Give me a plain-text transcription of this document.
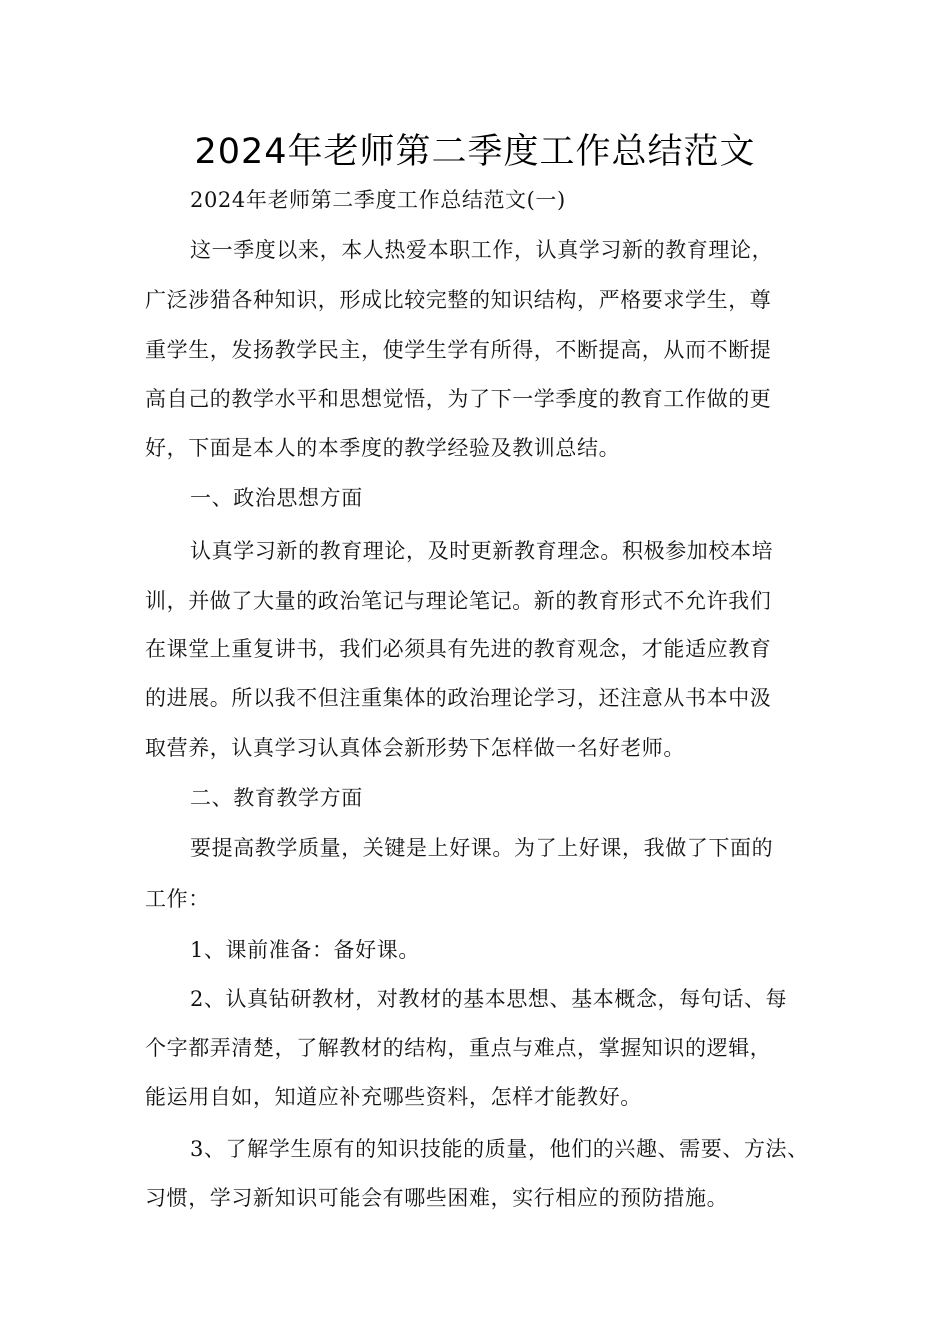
2024年老师第二季度工作总结范文
2024年老师第二季度工作总结范文(一)
这一季度以来，本人热爱本职工作，认真学习新的教育理论，
广泛涉猎各种知识，形成比较完整的知识结构，严格要求学生，尊
重学生，发扬教学民主，使学生学有所得，不断提高，从而不断提
高自己的教学水平和思想觉悟，为了下一学季度的教育工作做的更
好，下面是本人的本季度的教学经验及教训总结。
一、政治思想方面
认真学习新的教育理论，及时更新教育理念。积极参加校本培
训，并做了大量的政治笔记与理论笔记。新的教育形式不允许我们
在课堂上重复讲书，我们必须具有先进的教育观念，才能适应教育
的进展。所以我不但注重集体的政治理论学习，还注意从书本中汲
取营养，认真学习认真体会新形势下怎样做一名好老师。
二、教育教学方面
要提高教学质量，关键是上好课。为了上好课，我做了下面的
工作：
1、课前准备：备好课。
2、认真钻研教材，对教材的基本思想、基本概念，每句话、每
个字都弄清楚，了解教材的结构，重点与难点，掌握知识的逻辑，
能运用自如，知道应补充哪些资料，怎样才能教好。
3、了解学生原有的知识技能的质量，他们的兴趣、需要、方法、
习惯，学习新知识可能会有哪些困难，实行相应的预防措施。
